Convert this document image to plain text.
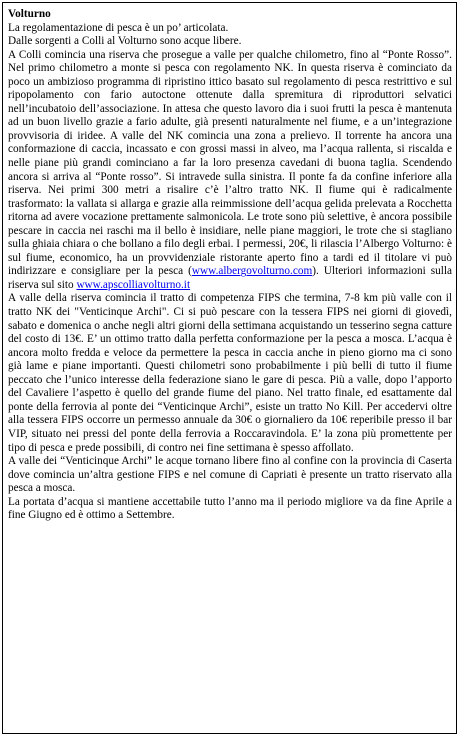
Volturno

La regolamentazione di pesca è un po’ articolata.

Dalle sorgenti a Colli al Volturno sono acque libere.

A Colli comincia una riserva che prosegue a valle per qualche chilometro, fino al “Ponte Rosso”. Nel primo chilometro a monte si pesca con regolamento NK. In questa riserva è cominciato da poco un ambizioso programma di ripristino ittico basato sul regolamento di pesca restrittivo e sul ripopolamento con fario autoctone ottenute dalla spremitura di riproduttori selvatici nell’incubatoio dell’associazione. In attesa che questo lavoro dia i suoi frutti la pesca è mantenuta ad un buon livello grazie a fario adulte, già presenti naturalmente nel fiume, e a un’integrazione provvisoria di iridee. A valle del NK comincia una zona a prelievo. Il torrente ha ancora una conformazione di caccia, incassato e con grossi massi in alveo, ma l’acqua rallenta, si riscalda e nelle piane più grandi cominciano a far la loro presenza cavedani di buona taglia. Scendendo ancora si arriva al “Ponte rosso”. Si intravede sulla sinistra. Il ponte fa da confine inferiore alla riserva. Nei primi 300 metri a risalire c’è l’altro tratto NK. Il fiume qui è radicalmente trasformato: la vallata si allarga e grazie alla reimmissione dell’acqua gelida prelevata a Rocchetta ritorna ad avere vocazione prettamente salmonicola. Le trote sono più selettive, è ancora possibile pescare in caccia nei raschi ma il bello è insidiare, nelle piane maggiori, le trote che si stagliano sulla ghiaia chiara o che bollano a filo degli erbai. I permessi, 20€, li rilascia l’Albergo Volturno: è sul fiume, economico, ha un provvidenziale ristorante aperto fino a tardi ed il titolare vi può indirizzare e consigliare per la pesca (www.albergovolturno.com). Ulteriori informazioni sulla riserva sul sito www.apscolliavolturno.it

A valle della riserva comincia il tratto di competenza FIPS che termina, 7-8 km più valle con il tratto NK dei "Venticinque Archi". Ci si può pescare con la tessera FIPS nei giorni di giovedì, sabato e domenica o anche negli altri giorni della settimana acquistando un tesserino segna catture del costo di 13€. E’ un ottimo tratto dalla perfetta conformazione per la pesca a mosca. L’acqua è ancora molto fredda e veloce da permettere la pesca in caccia anche in pieno giorno ma ci sono già lame e piane importanti. Questi chilometri sono probabilmente i più belli di tutto il fiume peccato che l’unico interesse della federazione siano le gare di pesca. Più a valle, dopo l’apporto del Cavaliere l’aspetto è quello del grande fiume del piano. Nel tratto finale, ed esattamente dal ponte della ferrovia al ponte dei “Venticinque Archi”, esiste un tratto No Kill. Per accedervi oltre alla tessera FIPS occorre un permesso annuale da 30€ o giornaliero da 10€ reperibile presso il bar VIP, situato nei pressi del ponte della ferrovia a Roccaravindola. E’ la zona più promettente per tipo di pesca e prede possibili, di contro nei fine settimana è spesso affollato.

A valle dei “Venticinque Archi” le acque tornano libere fino al confine con la provincia di Caserta dove comincia un’altra gestione FIPS e nel comune di Capriati è presente un tratto riservato alla pesca a mosca.

La portata d’acqua si mantiene accettabile tutto l’anno ma il periodo migliore va da fine Aprile a fine Giugno ed è ottimo a Settembre.
